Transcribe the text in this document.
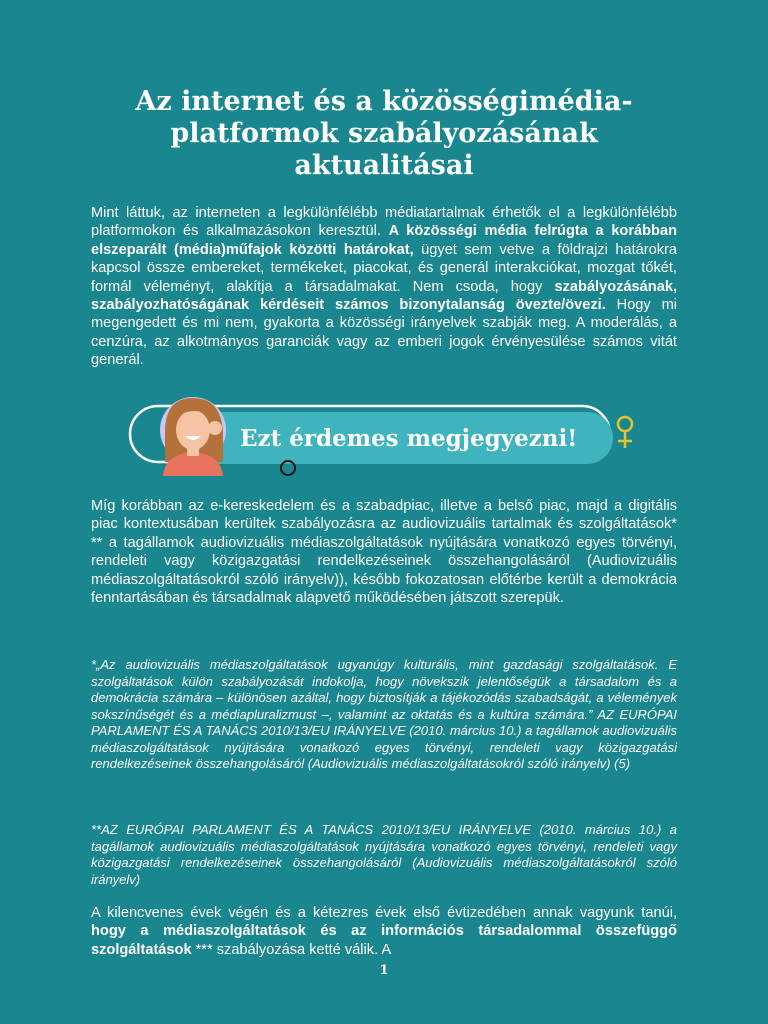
Az internet és a közösségimédia-platformok szabályozásának aktualitásai

Mint láttuk, az interneten a legkülönfélébb médiatartalmak érhetők el a legkülönfélébb platformokon és alkalmazásokon keresztül. A közösségi média felrúgta a korábban elszeparált (média)műfajok közötti határokat, ügyet sem vetve a földrajzi határokra kapcsol össze embereket, termékeket, piacokat, és generál interakciókat, mozgat tőkét, formál véleményt, alakítja a társadalmakat. Nem csoda, hogy szabályozásának, szabályozhatóságának kérdéseit számos bizonytalanság övezte/övezi. Hogy mi megengedett és mi nem, gyakorta a közösségi irányelvek szabják meg. A moderálás, a cenzúra, az alkotmányos garanciák vagy az emberi jogok érvényesülése számos vitát generál.

Ezt érdemes megjegyezni!

Míg korábban az e-kereskedelem és a szabadpiac, illetve a belső piac, majd a digitális piac kontextusában kerültek szabályozásra az audiovizuális tartalmak és szolgáltatások* ** a tagállamok audiovizuális médiaszolgáltatások nyújtására vonatkozó egyes törvényi, rendeleti vagy közigazgatási rendelkezéseinek összehangolásáról (Audiovizuális médiaszolgáltatásokról szóló irányelv)), később fokozatosan előtérbe került a demokrácia fenntartásában és társadalmak alapvető működésében játszott szerepük.

*„Az audiovizuális médiaszolgáltatások ugyanúgy kulturális, mint gazdasági szolgáltatások. E szolgáltatások külön szabályozását indokolja, hogy növekszik jelentőségük a társadalom és a demokrácia számára – különösen azáltal, hogy biztosítják a tájékozódás szabadságát, a vélemények sokszínűségét és a médiapluralizmust –, valamint az oktatás és a kultúra számára.” AZ EURÓPAI PARLAMENT ÉS A TANÁCS 2010/13/EU IRÁNYELVE (2010. március 10.) a tagállamok audiovizuális médiaszolgáltatások nyújtására vonatkozó egyes törvényi, rendeleti vagy közigazgatási rendelkezéseinek összehangolásáról (Audiovizuális médiaszolgáltatásokról szóló irányelv) (5)

**AZ EURÓPAI PARLAMENT ÉS A TANÁCS 2010/13/EU IRÁNYELVE (2010. március 10.) a tagállamok audiovizuális médiaszolgáltatások nyújtására vonatkozó egyes törvényi, rendeleti vagy közigazgatási rendelkezéseinek összehangolásáról (Audiovizuális médiaszolgáltatásokról szóló irányelv)

A kilencvenes évek végén és a kétezres évek első évtizedében annak vagyunk tanúi, hogy a médiaszolgáltatások és az információs társadalommal összefüggő szolgáltatások *** szabályozása ketté válik. A

1
